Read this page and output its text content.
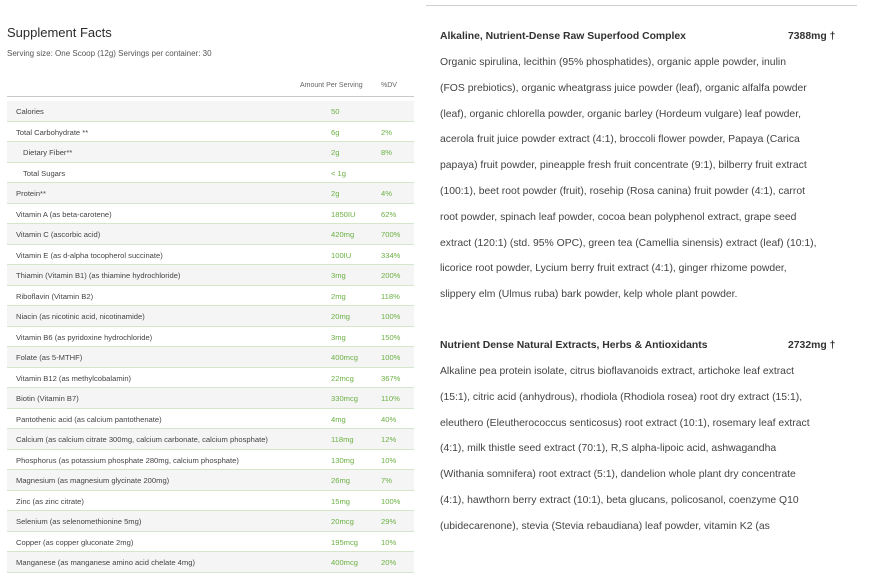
Supplement Facts
Serving size: One Scoop (12g) Servings per container: 30
Amount Per Serving	%DV
Calories	50
Total Carbohydrate **	6g	2%
Dietary Fiber**	2g	8%
Total Sugars	< 1g
Protein**	2g	4%
Vitamin A (as beta-carotene)	1850IU	62%
Vitamin C (ascorbic acid)	420mg	700%
Vitamin E (as d-alpha tocopherol succinate)	100IU	334%
Thiamin (Vitamin B1) (as thiamine hydrochloride)	3mg	200%
Riboflavin (Vitamin B2)	2mg	118%
Niacin (as nicotinic acid, nicotinamide)	20mg	100%
Vitamin B6 (as pyridoxine hydrochloride)	3mg	150%
Folate (as 5-MTHF)	400mcg	100%
Vitamin B12 (as methylcobalamin)	22mcg	367%
Biotin (Vitamin B7)	330mcg	110%
Pantothenic acid (as calcium pantothenate)	4mg	40%
Calcium (as calcium citrate 300mg, calcium carbonate, calcium phosphate)	118mg	12%
Phosphorus (as potassium phosphate 280mg, calcium phosphate)	130mg	10%
Magnesium (as magnesium glycinate 200mg)	26mg	7%
Zinc (as zinc citrate)	15mg	100%
Selenium (as selenomethionine 5mg)	20mcg	29%
Copper (as copper gluconate 2mg)	195mcg	10%
Manganese (as manganese amino acid chelate 4mg)	400mcg	20%
Alkaline, Nutrient-Dense Raw Superfood Complex	7388mg †
Organic spirulina, lecithin (95% phosphatides), organic apple powder, inulin
(FOS prebiotics), organic wheatgrass juice powder (leaf), organic alfalfa powder
(leaf), organic chlorella powder, organic barley (Hordeum vulgare) leaf powder,
acerola fruit juice powder extract (4:1), broccoli flower powder, Papaya (Carica
papaya) fruit powder, pineapple fresh fruit concentrate (9:1), bilberry fruit extract
(100:1), beet root powder (fruit), rosehip (Rosa canina) fruit powder (4:1), carrot
root powder, spinach leaf powder, cocoa bean polyphenol extract, grape seed
extract (120:1) (std. 95% OPC), green tea (Camellia sinensis) extract (leaf) (10:1),
licorice root powder, Lycium berry fruit extract (4:1), ginger rhizome powder,
slippery elm (Ulmus ruba) bark powder, kelp whole plant powder.
Nutrient Dense Natural Extracts, Herbs & Antioxidants	2732mg †
Alkaline pea protein isolate, citrus bioflavanoids extract, artichoke leaf extract
(15:1), citric acid (anhydrous), rhodiola (Rhodiola rosea) root dry extract (15:1),
eleuthero (Eleutherococcus senticosus) root extract (10:1), rosemary leaf extract
(4:1), milk thistle seed extract (70:1), R,S alpha-lipoic acid, ashwagandha
(Withania somnifera) root extract (5:1), dandelion whole plant dry concentrate
(4:1), hawthorn berry extract (10:1), beta glucans, policosanol, coenzyme Q10
(ubidecarenone), stevia (Stevia rebaudiana) leaf powder, vitamin K2 (as
